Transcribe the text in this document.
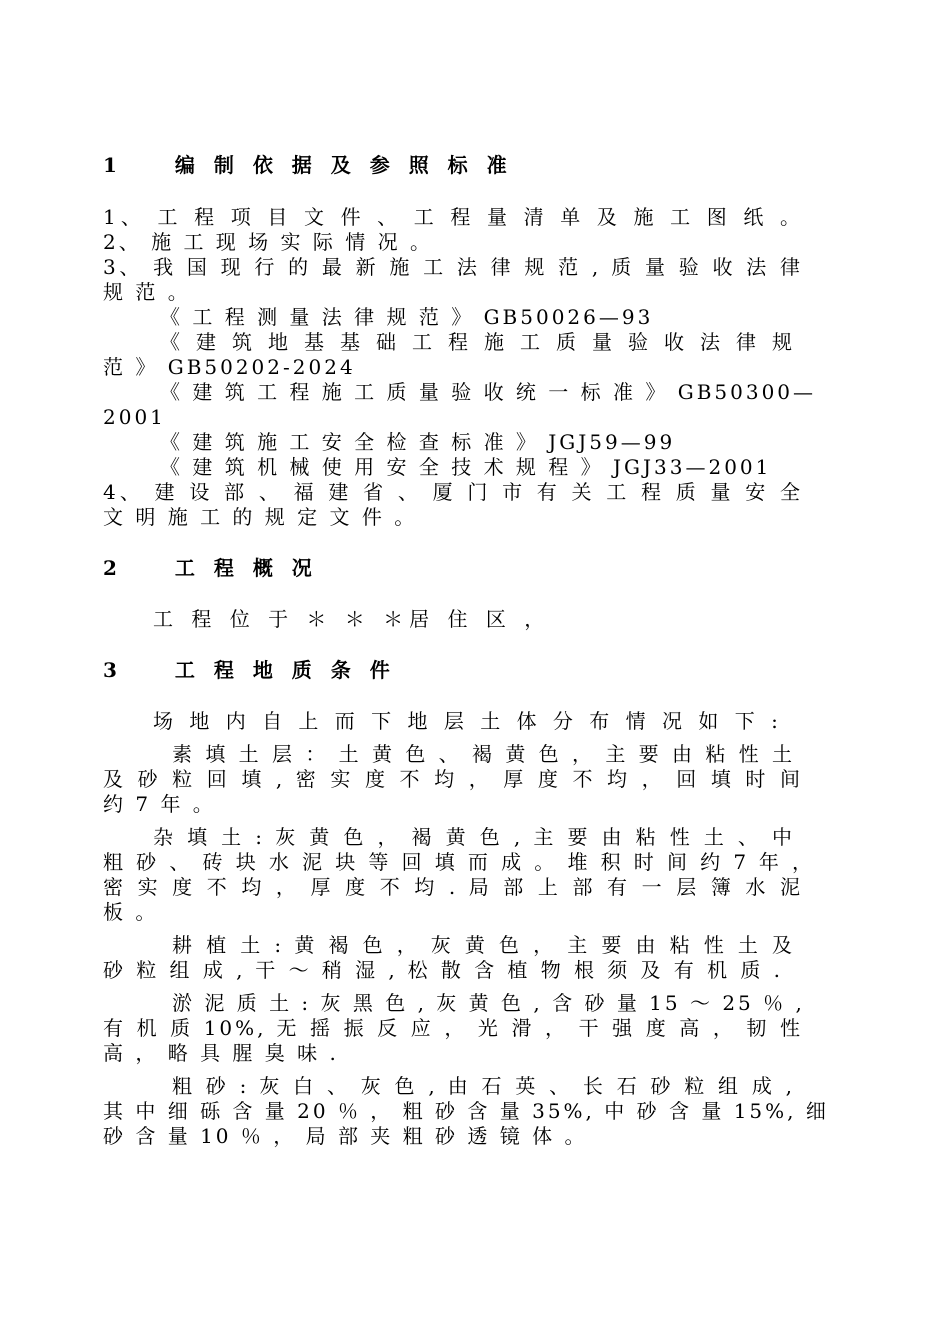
1　　编 制 依 据 及 参 照 标 准
1、 工 程 项 目 文 件 、 工 程 量 清 单 及 施 工 图 纸 。
2、 施 工 现 场 实 际 情 况 。
3、 我 国 现 行 的 最 新 施 工 法 律 规 范 , 质 量 验 收 法 律
规 范 。
《 工 程 测 量 法 律 规 范 》 GB50026—93
《 建 筑 地 基 基 础 工 程 施 工 质 量 验 收 法 律 规
范 》 GB50202-2024
《 建 筑 工 程 施 工 质 量 验 收 统 一 标 准 》 GB50300—
2001
《 建 筑 施 工 安 全 检 查 标 准 》 JGJ59—99
《 建 筑 机 械 使 用 安 全 技 术 规 程 》 JGJ33—2001
4、 建 设 部 、 福 建 省 、 厦 门 市 有 关 工 程 质 量 安 全
文 明 施 工 的 规 定 文 件 。
2　　工 程 概 况
工 程 位 于 ＊ ＊ ＊居 住 区 ，
3　　工 程 地 质 条 件
场 地 内 自 上 而 下 地 层 土 体 分 布 情 况 如 下 :
素 填 土 层 ： 土 黄 色 、 褐 黄 色 ， 主 要 由 粘 性 土
及 砂 粒 回 填 , 密 实 度 不 均 ， 厚 度 不 均 ， 回 填 时 间
约 7 年 。
杂 填 土 : 灰 黄 色 ， 褐 黄 色 , 主 要 由 粘 性 土 、 中
粗 砂 、 砖 块 水 泥 块 等 回 填 而 成 。 堆 积 时 间 约 7 年 ，
密 实 度 不 均 ， 厚 度 不 均 . 局 部 上 部 有 一 层 簿 水 泥
板 。
耕 植 土 : 黄 褐 色 ， 灰 黄 色 ， 主 要 由 粘 性 土 及
砂 粒 组 成 , 干 ～ 稍 湿 , 松 散 含 植 物 根 须 及 有 机 质 .
淤 泥 质 土 : 灰 黑 色 , 灰 黄 色 , 含 砂 量 15 ～ 25 ％ ,
有 机 质 10%, 无 摇 振 反 应 ， 光 滑 ， 干 强 度 高 ， 韧 性
高 ， 略 具 腥 臭 味 .
粗 砂 : 灰 白 、 灰 色 , 由 石 英 、 长 石 砂 粒 组 成 ,
其 中 细 砾 含 量 20 ％ ， 粗 砂 含 量 35%, 中 砂 含 量 15%, 细
砂 含 量 10 ％ ， 局 部 夹 粗 砂 透 镜 体 。
